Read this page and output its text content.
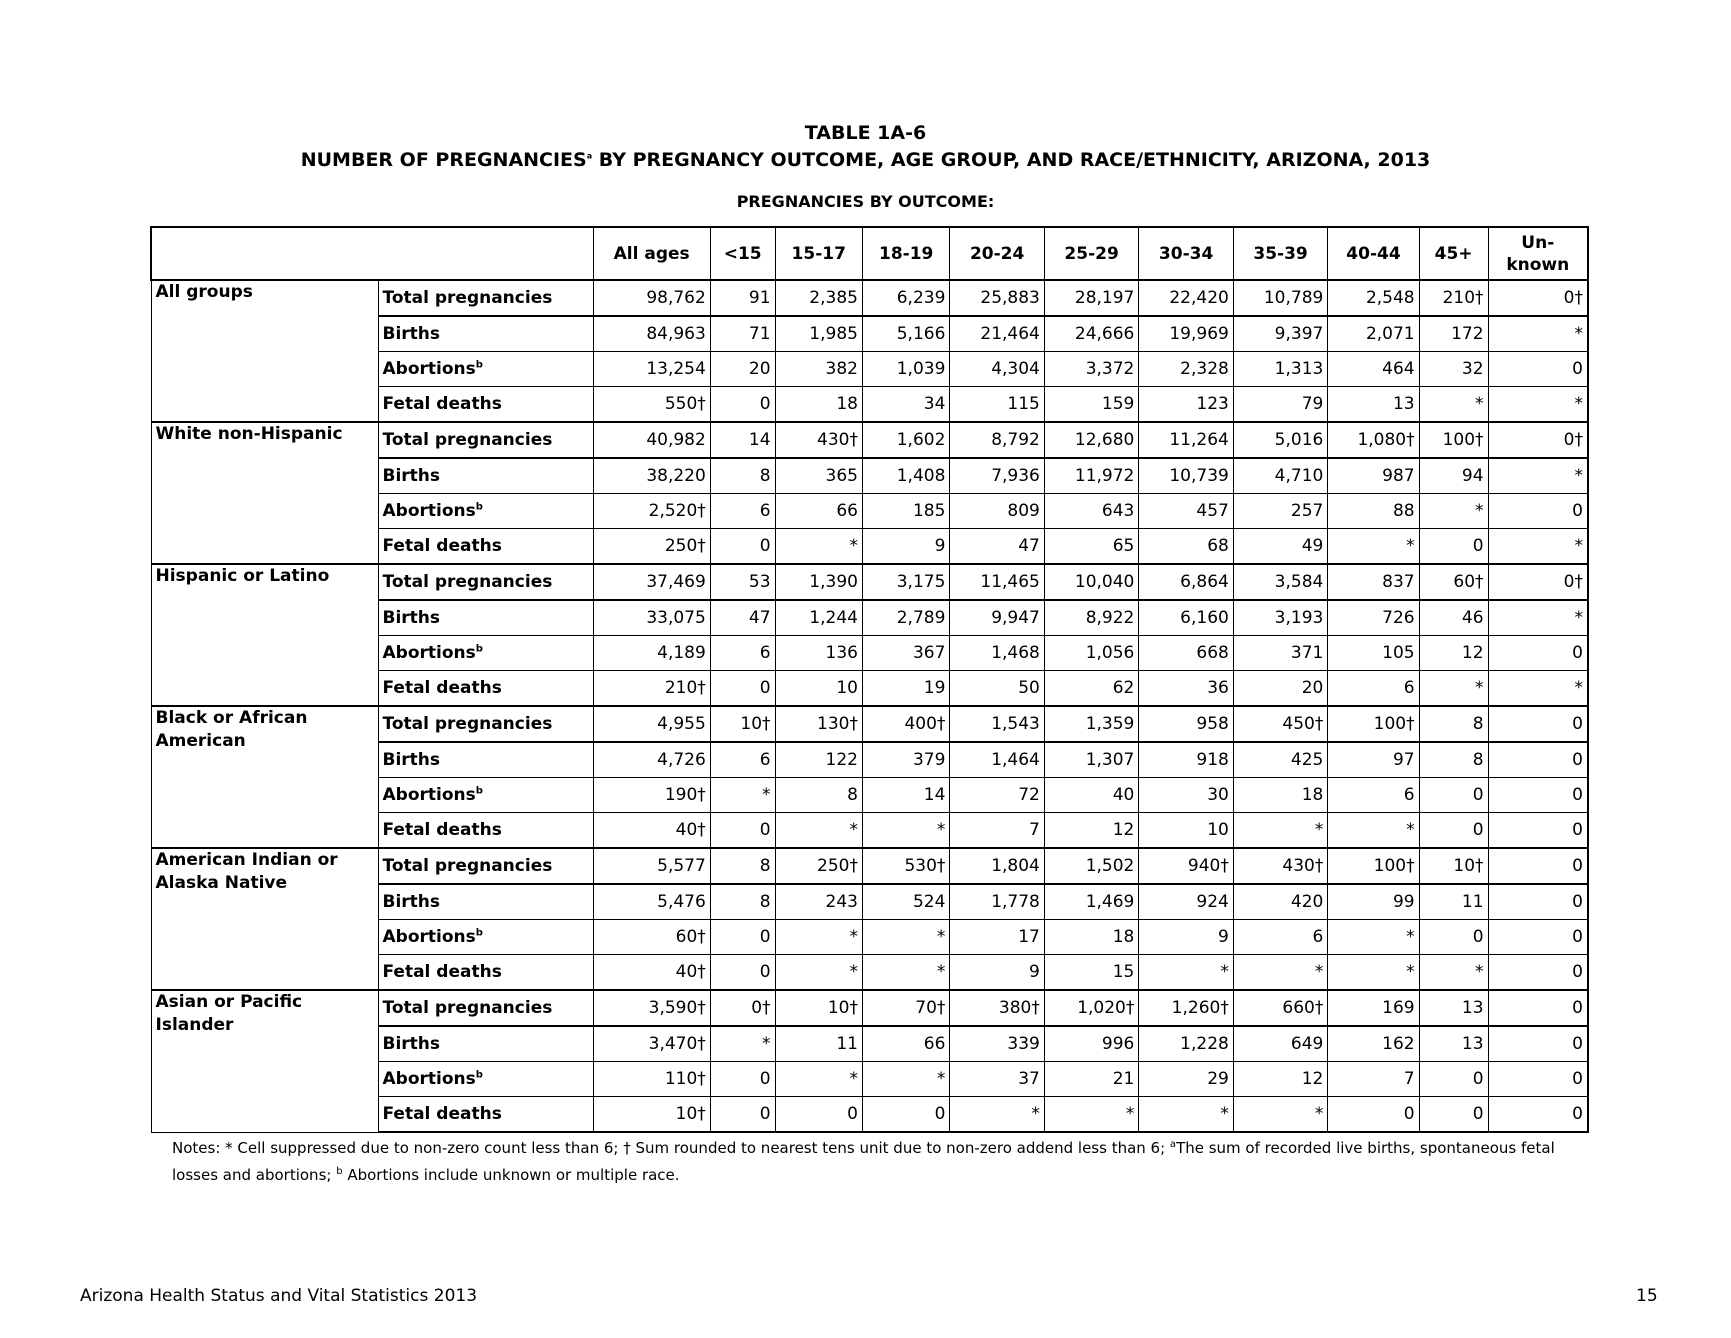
TABLE 1A-6
NUMBER OF PREGNANCIES$^a$ BY PREGNANCY OUTCOME, AGE GROUP, AND RACE/ETHNICITY, ARIZONA, 2013
PREGNANCIES BY OUTCOME:
		All ages	<15	15-17	18-19	20-24	25-29	30-34	35-39	40-44	45+	Un-
known
All groups	Total pregnancies	98,762	91	2,385	6,239	25,883	28,197	22,420	10,789	2,548	210†	0†
	Births	84,963	71	1,985	5,166	21,464	24,666	19,969	9,397	2,071	172	*
	Abortions$^b$	13,254	20	382	1,039	4,304	3,372	2,328	1,313	464	32	0
	Fetal deaths	550†	0	18	34	115	159	123	79	13	*	*
White non-Hispanic	Total pregnancies	40,982	14	430†	1,602	8,792	12,680	11,264	5,016	1,080†	100†	0†
	Births	38,220	8	365	1,408	7,936	11,972	10,739	4,710	987	94	*
	Abortions$^b$	2,520†	6	66	185	809	643	457	257	88	*	0
	Fetal deaths	250†	0	*	9	47	65	68	49	*	0	*
Hispanic or Latino	Total pregnancies	37,469	53	1,390	3,175	11,465	10,040	6,864	3,584	837	60†	0†
	Births	33,075	47	1,244	2,789	9,947	8,922	6,160	3,193	726	46	*
	Abortions$^b$	4,189	6	136	367	1,468	1,056	668	371	105	12	0
	Fetal deaths	210†	0	10	19	50	62	36	20	6	*	*
Black or African American	Total pregnancies	4,955	10†	130†	400†	1,543	1,359	958	450†	100†	8	0
	Births	4,726	6	122	379	1,464	1,307	918	425	97	8	0
	Abortions$^b$	190†	*	8	14	72	40	30	18	6	0	0
	Fetal deaths	40†	0	*	*	7	12	10	*	*	0	0
American Indian or Alaska Native	Total pregnancies	5,577	8	250†	530†	1,804	1,502	940†	430†	100†	10†	0
	Births	5,476	8	243	524	1,778	1,469	924	420	99	11	0
	Abortions$^b$	60†	0	*	*	17	18	9	6	*	0	0
	Fetal deaths	40†	0	*	*	9	15	*	*	*	*	0
Asian or Pacific Islander	Total pregnancies	3,590†	0†	10†	70†	380†	1,020†	1,260†	660†	169	13	0
	Births	3,470†	*	11	66	339	996	1,228	649	162	13	0
	Abortions$^b$	110†	0	*	*	37	21	29	12	7	0	0
	Fetal deaths	10†	0	0	0	*	*	*	*	0	0	0
Notes: * Cell suppressed due to non-zero count less than 6; † Sum rounded to nearest tens unit due to non-zero addend less than 6; $^a$The sum of recorded live births, spontaneous fetal losses and abortions; $^b$ Abortions include unknown or multiple race.
Arizona Health Status and Vital Statistics 2013	15
